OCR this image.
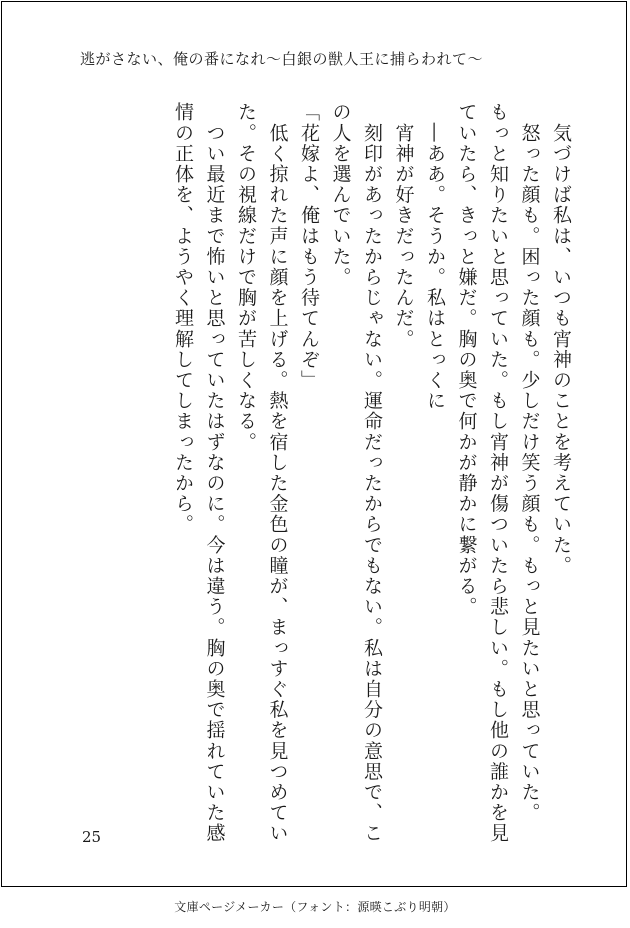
逃がさない、俺の番になれ〜白銀の獣人王に捕らわれて〜

　気づけば私は、いつも宵神のことを考えていた。

　怒った顔も。困った顔も。少しだけ笑う顔も。もっと見たいと思っていた。

もっと知りたいと思っていた。もし宵神が傷ついたら悲しい。もし他の誰かを見

ていたら、きっと嫌だ。胸の奥で何かが静かに繋がる。

　―ああ。そうか。私はとっくに

　宵神が好きだったんだ。

　刻印があったからじゃない。運命だったからでもない。私は自分の意思で、こ

の人を選んでいた。

「花嫁よ、俺はもう待てんぞ」

　低く掠れた声に顔を上げる。熱を宿した金色の瞳が、まっすぐ私を見つめてい

た。その視線だけで胸が苦しくなる。

　つい最近まで怖いと思っていたはずなのに。今は違う。胸の奥で揺れていた感

情の正体を、ようやく理解してしまったから。

25
文庫ページメーカー（フォント：源暎こぶり明朝）
